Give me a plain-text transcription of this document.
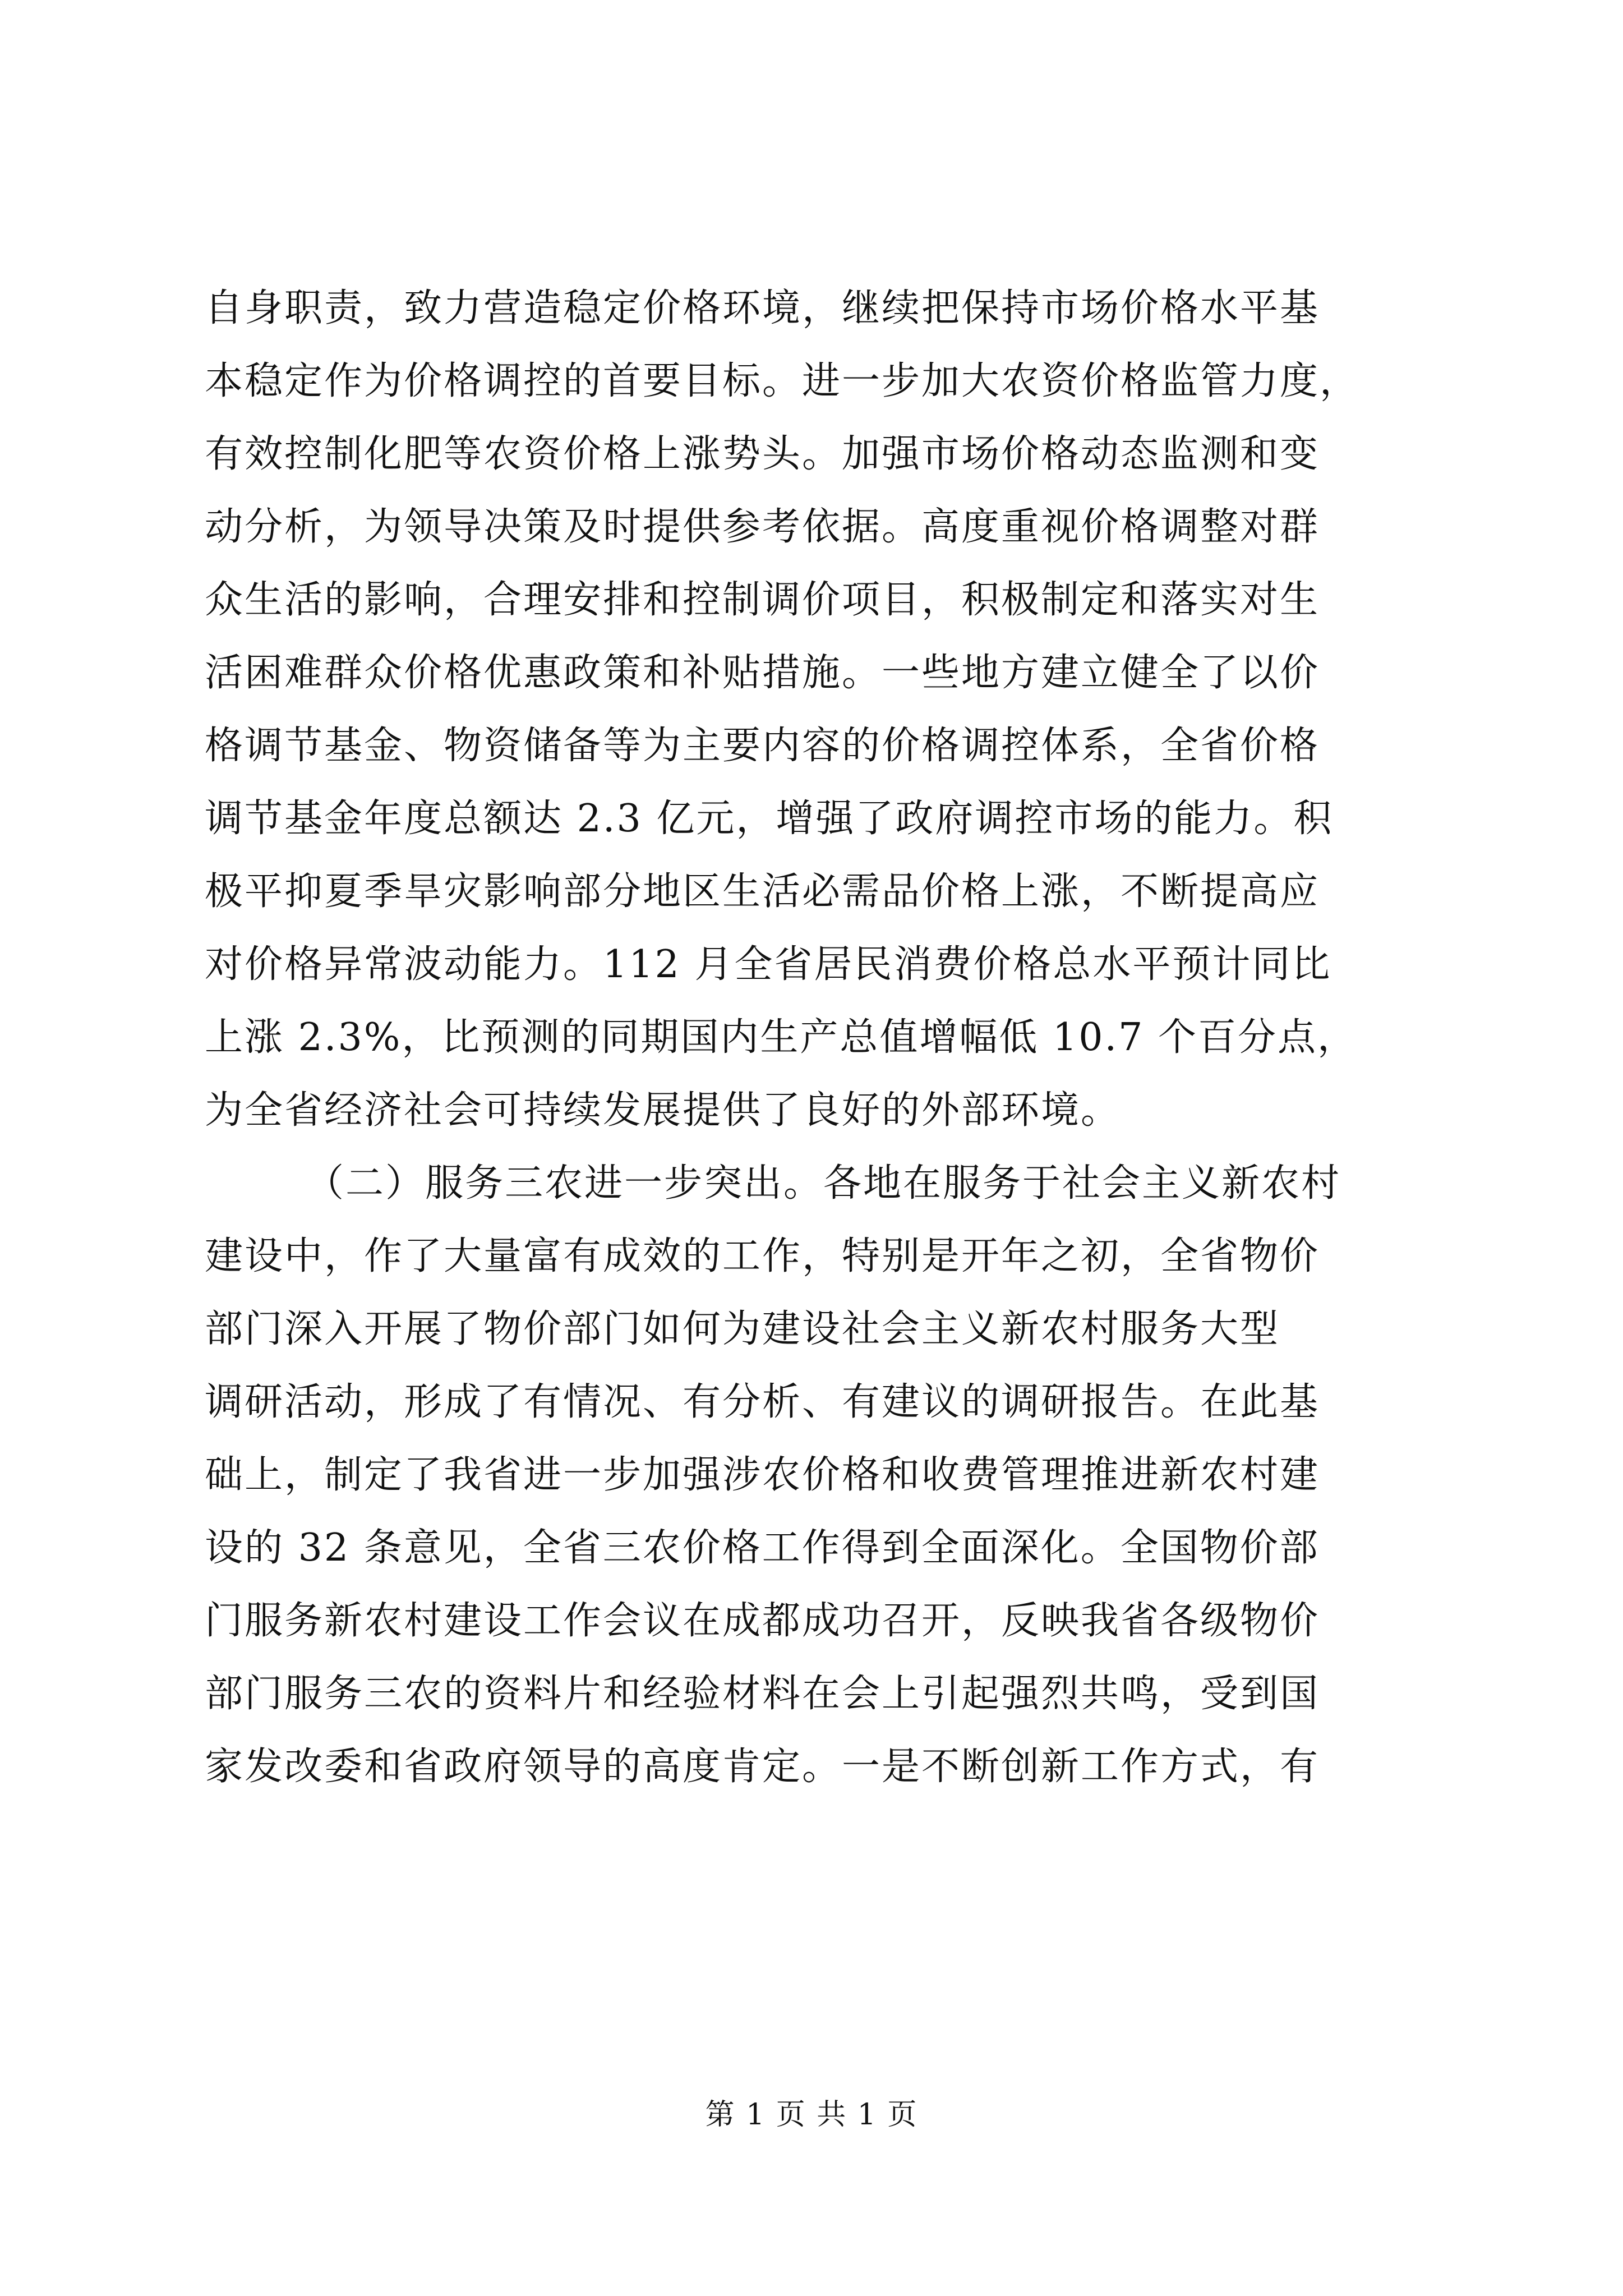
自身职责，致力营造稳定价格环境，继续把保持市场价格水平基
本稳定作为价格调控的首要目标。进一步加大农资价格监管力度，
有效控制化肥等农资价格上涨势头。加强市场价格动态监测和变
动分析，为领导决策及时提供参考依据。高度重视价格调整对群
众生活的影响，合理安排和控制调价项目，积极制定和落实对生
活困难群众价格优惠政策和补贴措施。一些地方建立健全了以价
格调节基金、物资储备等为主要内容的价格调控体系，全省价格
调节基金年度总额达 2.3 亿元，增强了政府调控市场的能力。积
极平抑夏季旱灾影响部分地区生活必需品价格上涨，不断提高应
对价格异常波动能力。112 月全省居民消费价格总水平预计同比
上涨 2.3%，比预测的同期国内生产总值增幅低 10.7 个百分点，
为全省经济社会可持续发展提供了良好的外部环境。
（二）服务三农进一步突出。各地在服务于社会主义新农村
建设中，作了大量富有成效的工作，特别是开年之初，全省物价
部门深入开展了物价部门如何为建设社会主义新农村服务大型
调研活动，形成了有情况、有分析、有建议的调研报告。在此基
础上，制定了我省进一步加强涉农价格和收费管理推进新农村建
设的 32 条意见，全省三农价格工作得到全面深化。全国物价部
门服务新农村建设工作会议在成都成功召开，反映我省各级物价
部门服务三农的资料片和经验材料在会上引起强烈共鸣，受到国
家发改委和省政府领导的高度肯定。一是不断创新工作方式，有
第 1 页 共 1 页
